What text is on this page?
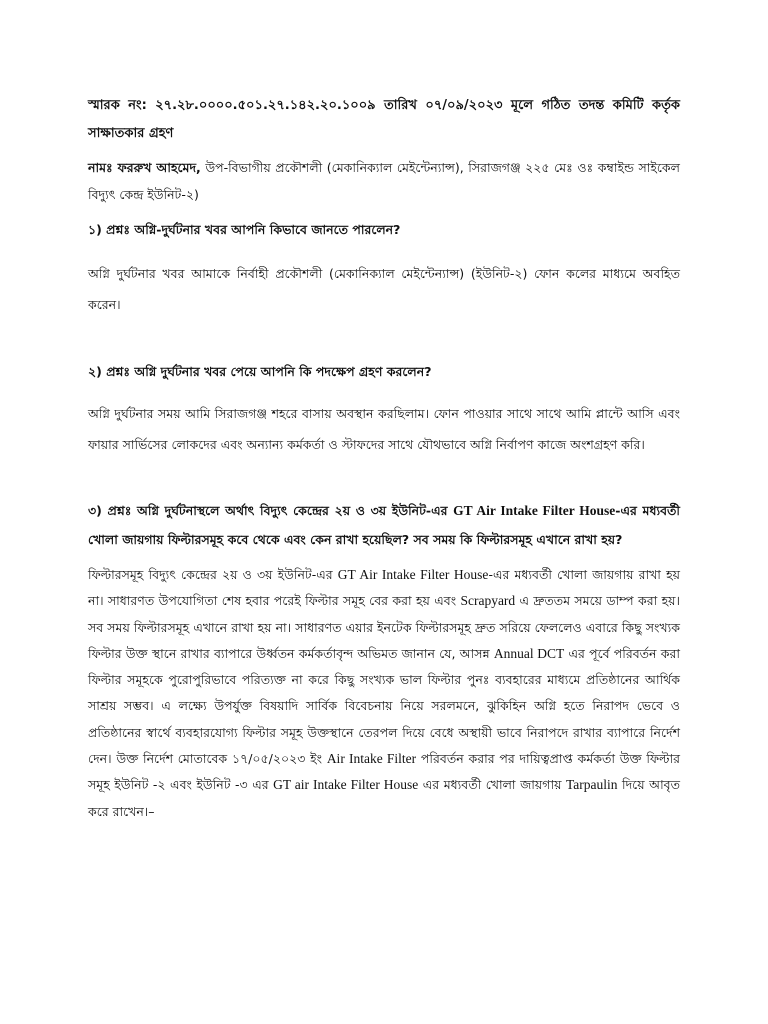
স্মারক নং: ২৭.২৮.০০০০.৫০১.২৭.১৪২.২০.১০০৯ তারিখ ০৭/০৯/২০২৩ মূলে গঠিত তদন্ত কমিটি কর্তৃক সাক্ষাতকার গ্রহণ
নামঃ ফররুখ আহমেদ, উপ-বিভাগীয় প্রকৌশলী (মেকানিক্যাল মেইন্টেন্যান্স), সিরাজগঞ্জ ২২৫ মেঃ ওঃ কম্বাইন্ড সাইকেল বিদ্যুৎ কেন্দ্র ইউনিট-২)
১) প্রশ্নঃ অগ্নি-দুর্ঘটনার খবর আপনি কিভাবে জানতে পারলেন?
অগ্নি দুর্ঘটনার খবর আমাকে নির্বাহী প্রকৌশলী (মেকানিক্যাল মেইন্টেন্যান্স) (ইউনিট-২) ফোন কলের মাধ্যমে অবহিত করেন।
২) প্রশ্নঃ অগ্নি দুর্ঘটনার খবর পেয়ে আপনি কি পদক্ষেপ গ্রহণ করলেন?
অগ্নি দুর্ঘটনার সময় আমি সিরাজগঞ্জ শহরে বাসায় অবস্থান করছিলাম। ফোন পাওয়ার সাথে সাথে আমি প্লান্টে আসি এবং ফায়ার সার্ভিসের লোকদের এবং অন্যান্য কর্মকর্তা ও স্টাফদের সাথে যৌথভাবে অগ্নি নির্বাপণ কাজে অংশগ্রহণ করি।
৩) প্রশ্নঃ অগ্নি দুর্ঘটনাস্থলে অর্থাৎ বিদ্যুৎ কেন্দ্রের ২য় ও ৩য় ইউনিট-এর GT Air Intake Filter House-এর মধ্যবর্তী খোলা জায়গায় ফিল্টারসমূহ কবে থেকে এবং কেন রাখা হয়েছিল? সব সময় কি ফিল্টারসমূহ এখানে রাখা হয়?
ফিল্টারসমূহ বিদ্যুৎ কেন্দ্রের ২য় ও ৩য় ইউনিট-এর GT Air Intake Filter House-এর মধ্যবর্তী খোলা জায়গায় রাখা হয় না। সাধারণত উপযোগিতা শেষ হবার পরেই ফিল্টার সমূহ বের করা হয় এবং Scrapyard এ দ্রুততম সময়ে ডাম্প করা হয়। সব সময় ফিল্টারসমূহ এখানে রাখা হয় না। সাধারণত এয়ার ইনটেক ফিল্টারসমূহ দ্রুত সরিয়ে ফেললেও এবারে কিছু সংখ্যক ফিল্টার উক্ত স্থানে রাখার ব্যাপারে উর্ধ্বতন কর্মকর্তাবৃন্দ অভিমত জানান যে, আসন্ন Annual DCT এর পূর্বে পরিবর্তন করা ফিল্টার সমূহকে পুরোপুরিভাবে পরিত্যক্ত না করে কিছু সংখ্যক ভাল ফিল্টার পুনঃ ব্যবহারের মাধ্যমে প্রতিষ্ঠানের আর্থিক সাশ্রয় সম্ভব। এ লক্ষ্যে উপর্যুক্ত বিষয়াদি সার্বিক বিবেচনায় নিয়ে সরলমনে, ঝুকিহিন অগ্নি হতে নিরাপদ ভেবে ও প্রতিষ্ঠানের স্বার্থে ব্যবহারযোগ্য ফিল্টার সমূহ উক্তস্থানে তেরপল দিয়ে বেধে অস্থায়ী ভাবে নিরাপদে রাখার ব্যাপারে নির্দেশ দেন। উক্ত নির্দেশ মোতাবেক ১৭/০৫/২০২৩ ইং Air Intake Filter পরিবর্তন করার পর দায়িত্বপ্রাপ্ত কর্মকর্তা উক্ত ফিল্টার সমূহ ইউনিট -২ এবং ইউনিট -৩ এর GT air Intake Filter House এর মধ্যবর্তী খোলা জায়গায় Tarpaulin দিয়ে আবৃত করে রাখেন।–
